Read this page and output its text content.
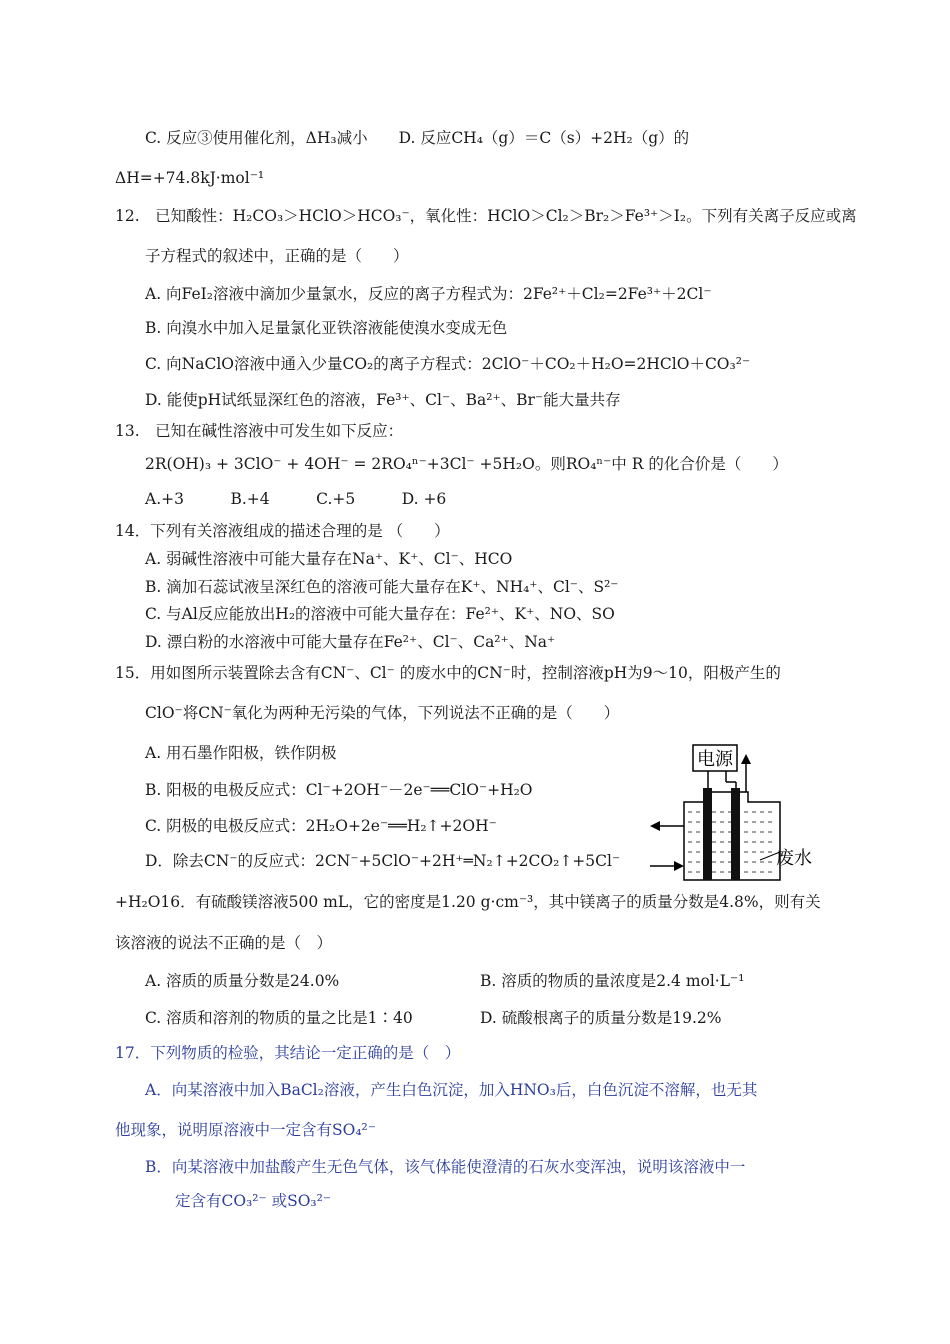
C. 反应③使用催化剂，ΔH₃减小　　D. 反应CH₄（g）＝C（s）+2H₂（g）的
ΔH=+74.8kJ·mol⁻¹
12.　已知酸性：H₂CO₃＞HClO＞HCO₃⁻，氧化性：HClO＞Cl₂＞Br₂＞Fe³⁺＞I₂。下列有关离子反应或离
子方程式的叙述中，正确的是（　　）
A. 向FeI₂溶液中滴加少量氯水，反应的离子方程式为：2Fe²⁺＋Cl₂=2Fe³⁺＋2Cl⁻
B. 向溴水中加入足量氯化亚铁溶液能使溴水变成无色
C. 向NaClO溶液中通入少量CO₂的离子方程式：2ClO⁻＋CO₂＋H₂O=2HClO＋CO₃²⁻
D. 能使pH试纸显深红色的溶液，Fe³⁺、Cl⁻、Ba²⁺、Br⁻能大量共存
13.　已知在碱性溶液中可发生如下反应：
2R(OH)₃ + 3ClO⁻ + 4OH⁻ = 2RO₄ⁿ⁻+3Cl⁻ +5H₂O。则RO₄ⁿ⁻中 R 的化合价是（　　）
A.+3　　　B.+4　　　C.+5　　　D. +6
14．下列有关溶液组成的描述合理的是 （　　）
A. 弱碱性溶液中可能大量存在Na⁺、K⁺、Cl⁻、HCO
B. 滴加石蕊试液呈深红色的溶液可能大量存在K⁺、NH₄⁺、Cl⁻、S²⁻
C. 与Al反应能放出H₂的溶液中可能大量存在：Fe²⁺、K⁺、NO、SO
D. 漂白粉的水溶液中可能大量存在Fe²⁺、Cl⁻、Ca²⁺、Na⁺
15．用如图所示装置除去含有CN⁻、Cl⁻ 的废水中的CN⁻时，控制溶液pH为9～10，阳极产生的
ClO⁻将CN⁻氧化为两种无污染的气体，下列说法不正确的是（　　）
A. 用石墨作阳极，铁作阴极
B. 阳极的电极反应式：Cl⁻+2OH⁻－2e⁻══ClO⁻+H₂O
C. 阴极的电极反应式：2H₂O+2e⁻══H₂↑+2OH⁻
D．除去CN⁻的反应式：2CN⁻+5ClO⁻+2H⁺═N₂↑+2CO₂↑+5Cl⁻
+H₂O16．有硫酸镁溶液500 mL，它的密度是1.20 g·cm⁻³，其中镁离子的质量分数是4.8%，则有关
该溶液的说法不正确的是（　）
A. 溶质的质量分数是24.0%	B. 溶质的物质的量浓度是2.4 mol·L⁻¹
C. 溶质和溶剂的物质的量之比是1∶40	D. 硫酸根离子的质量分数是19.2%
17．下列物质的检验，其结论一定正确的是（　）
A．向某溶液中加入BaCl₂溶液，产生白色沉淀，加入HNO₃后，白色沉淀不溶解，也无其
他现象，说明原溶液中一定含有SO₄²⁻
B．向某溶液中加盐酸产生无色气体，该气体能使澄清的石灰水变浑浊，说明该溶液中一
定含有CO₃²⁻ 或SO₃²⁻
电源
废水
